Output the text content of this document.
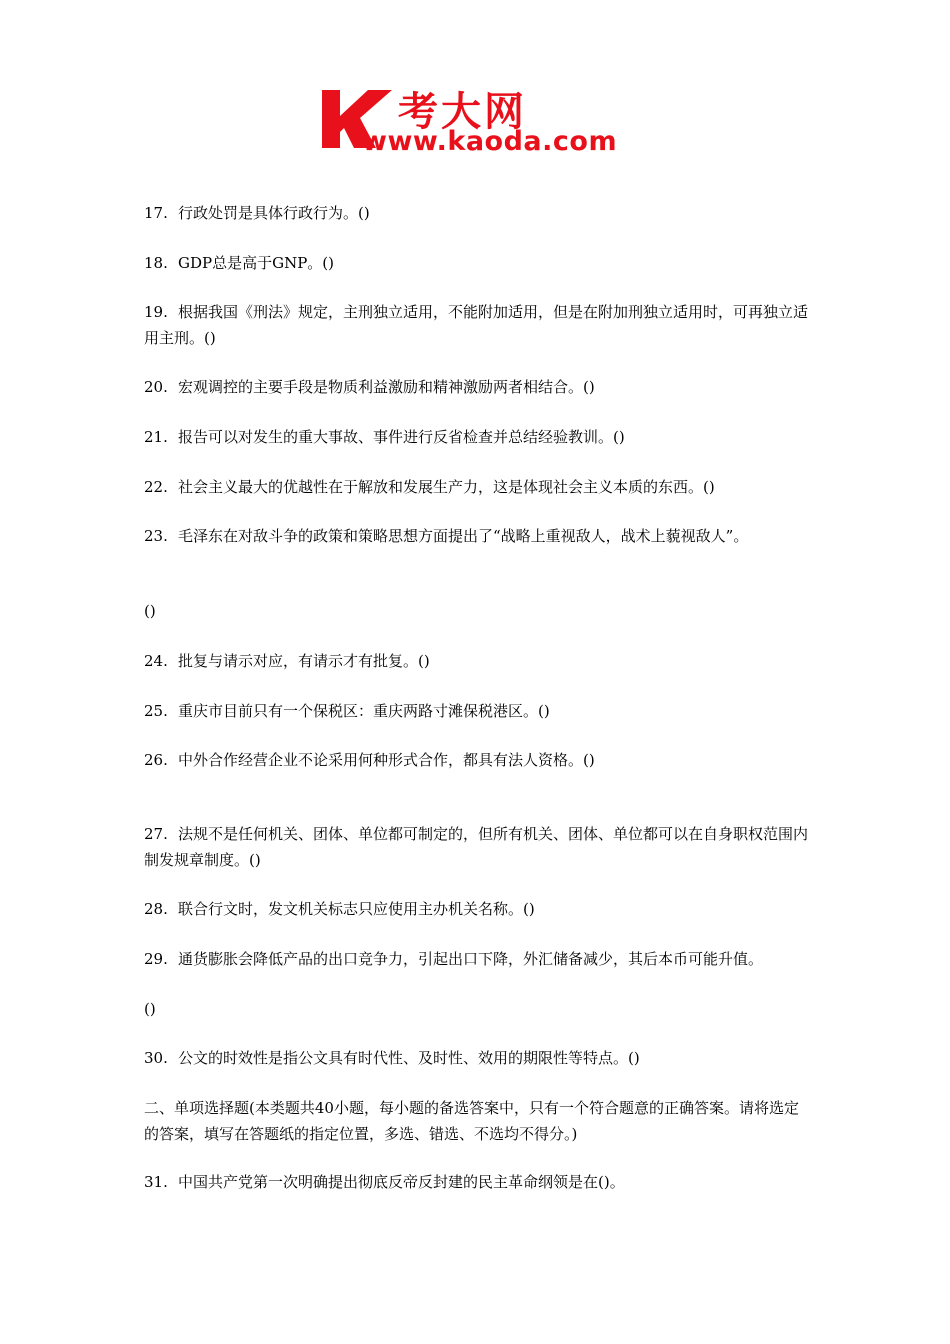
考大网
www.kaoda.com

17. 行政处罚是具体行政行为。()

18. GDP总是高于GNP。()

19. 根据我国《刑法》规定，主刑独立适用，不能附加适用，但是在附加刑独立适用时，可再独立适用主刑。()

20. 宏观调控的主要手段是物质利益激励和精神激励两者相结合。()

21. 报告可以对发生的重大事故、事件进行反省检查并总结经验教训。()

22. 社会主义最大的优越性在于解放和发展生产力，这是体现社会主义本质的东西。()

23. 毛泽东在对敌斗争的政策和策略思想方面提出了“战略上重视敌人，战术上藐视敌人”。

()

24. 批复与请示对应，有请示才有批复。()

25. 重庆市目前只有一个保税区：重庆两路寸滩保税港区。()

26. 中外合作经营企业不论采用何种形式合作，都具有法人资格。()

27. 法规不是任何机关、团体、单位都可制定的，但所有机关、团体、单位都可以在自身职权范围内制发规章制度。()

28. 联合行文时，发文机关标志只应使用主办机关名称。()

29. 通货膨胀会降低产品的出口竞争力，引起出口下降，外汇储备减少，其后本币可能升值。

()

30. 公文的时效性是指公文具有时代性、及时性、效用的期限性等特点。()

二、单项选择题(本类题共40小题，每小题的备选答案中，只有一个符合题意的正确答案。请将选定的答案，填写在答题纸的指定位置，多选、错选、不选均不得分。)

31. 中国共产党第一次明确提出彻底反帝反封建的民主革命纲领是在()。
